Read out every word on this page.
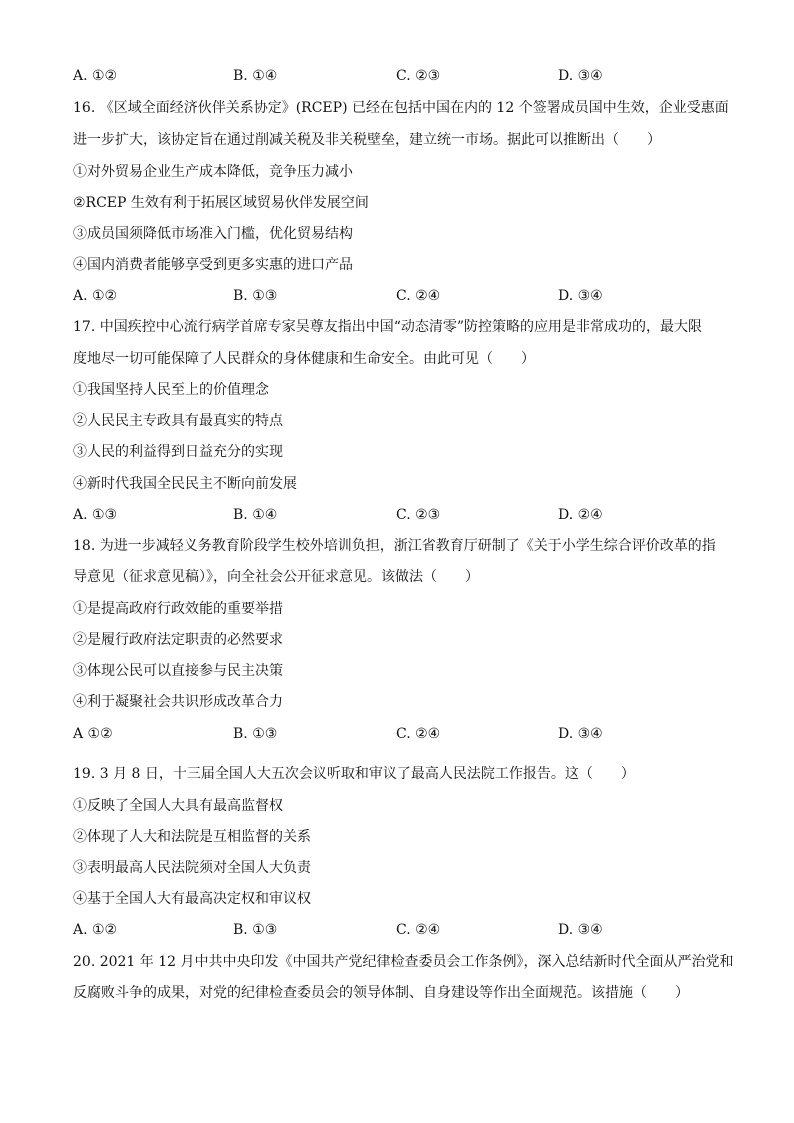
A. ①②	B. ①④	C. ②③	D. ③④
16. 《区域全面经济伙伴关系协定》(RCEP) 已经在包括中国在内的 12 个签署成员国中生效，企业受惠面
进一步扩大，该协定旨在通过削减关税及非关税壁垒，建立统一市场。据此可以推断出（　　）
①对外贸易企业生产成本降低，竞争压力减小
②RCEP 生效有利于拓展区域贸易伙伴发展空间
③成员国须降低市场准入门槛，优化贸易结构
④国内消费者能够享受到更多实惠的进口产品
A. ①②	B. ①③	C. ②④	D. ③④
17. 中国疾控中心流行病学首席专家吴尊友指出中国“动态清零”防控策略的应用是非常成功的，最大限
度地尽一切可能保障了人民群众的身体健康和生命安全。由此可见（　　）
①我国坚持人民至上的价值理念
②人民民主专政具有最真实的特点
③人民的利益得到日益充分的实现
④新时代我国全民民主不断向前发展
A. ①③	B. ①④	C. ②③	D. ②④
18. 为进一步减轻义务教育阶段学生校外培训负担，浙江省教育厅研制了《关于小学生综合评价改革的指
导意见（征求意见稿）》，向全社会公开征求意见。该做法（　　）
①是提高政府行政效能的重要举措
②是履行政府法定职责的必然要求
③体现公民可以直接参与民主决策
④利于凝聚社会共识形成改革合力
A ①②	B. ①③	C. ②④	D. ③④
19. 3 月 8 日，十三届全国人大五次会议听取和审议了最高人民法院工作报告。这（　　）
①反映了全国人大具有最高监督权
②体现了人大和法院是互相监督的关系
③表明最高人民法院须对全国人大负责
④基于全国人大有最高决定权和审议权
A. ①②	B. ①③	C. ②④	D. ③④
20. 2021 年 12 月中共中央印发《中国共产党纪律检查委员会工作条例》，深入总结新时代全面从严治党和
反腐败斗争的成果，对党的纪律检查委员会的领导体制、自身建设等作出全面规范。该措施（　　）
